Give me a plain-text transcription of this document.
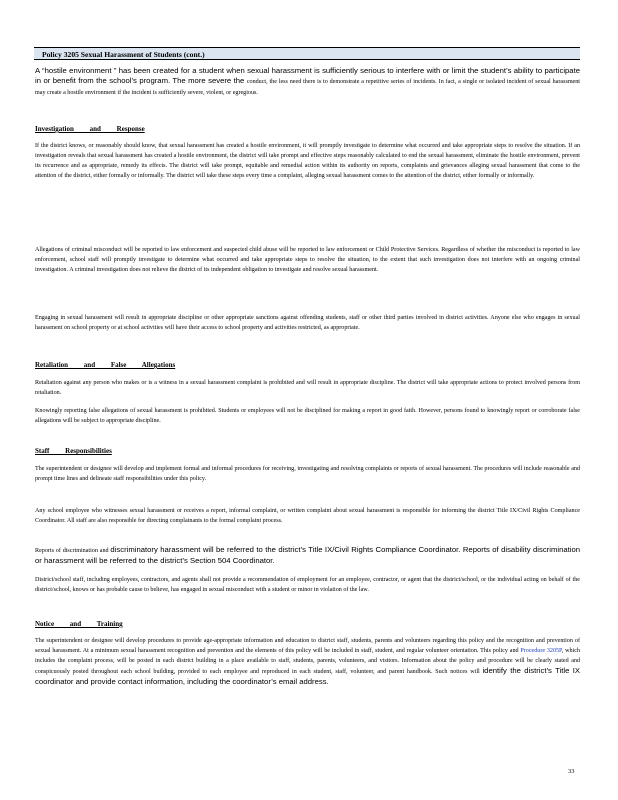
Policy 3205 Sexual Harassment of Students (cont.)
A “hostile environment ” has been created for a student when sexual harassment is sufficiently serious to interfere with or limit the student’s ability to participate in or benefit from the school’s program. The more severe the conduct, the less need there is to demonstrate a repetitive series of incidents. In fact, a single or isolated incident of sexual harassment may create a hostile environment if the incident is sufficiently severe, violent, or egregious.
Investigation and Response
If the district knows, or reasonably should know, that sexual harassment has created a hostile environment, it will promptly investigate to determine what occurred and take appropriate steps to resolve the situation. If an investigation reveals that sexual harassment has created a hostile environment, the district will take prompt and effective steps reasonably calculated to end the sexual harassment, eliminate the hostile environment, prevent its recurrence and as appropriate, remedy its effects. The district will take prompt, equitable and remedial action within its authority on reports, complaints and grievances alleging sexual harassment that come to the attention of the district, either formally or informally. The district will take these steps every time a complaint, alleging sexual harassment comes to the attention of the district, either formally or informally.
Allegations of criminal misconduct will be reported to law enforcement and suspected child abuse will be reported to law enforcement or Child Protective Services. Regardless of whether the misconduct is reported to law enforcement, school staff will promptly investigate to determine what occurred and take appropriate steps to resolve the situation, to the extent that such investigation does not interfere with an ongoing criminal investigation. A criminal investigation does not relieve the district of its independent obligation to investigate and resolve sexual harassment.
Engaging in sexual harassment will result in appropriate discipline or other appropriate sanctions against offending students, staff or other third parties involved in district activities. Anyone else who engages in sexual harassment on school property or at school activities will have their access to school property and activities restricted, as appropriate.
Retaliation and False Allegations
Retaliation against any person who makes or is a witness in a sexual harassment complaint is prohibited and will result in appropriate discipline. The district will take appropriate actions to protect involved persons from retaliation.
Knowingly reporting false allegations of sexual harassment is prohibited. Students or employees will not be disciplined for making a report in good faith. However, persons found to knowingly report or corroborate false allegations will be subject to appropriate discipline.
Staff Responsibilities
The superintendent or designee will develop and implement formal and informal procedures for receiving, investigating and resolving complaints or reports of sexual harassment. The procedures will include reasonable and prompt time lines and delineate staff responsibilities under this policy.
Any school employee who witnesses sexual harassment or receives a report, informal complaint, or written complaint about sexual harassment is responsible for informing the district Title IX/Civil Rights Compliance Coordinator. All staff are also responsible for directing complainants to the formal complaint process.
Reports of discrimination and discriminatory harassment will be referred to the district’s Title IX/Civil Rights Compliance Coordinator. Reports of disability discrimination or harassment will be referred to the district’s Section 504 Coordinator.
District/school staff, including employees, contractors, and agents shall not provide a recommendation of employment for an employee, contractor, or agent that the district/school, or the individual acting on behalf of the district/school, knows or has probable cause to believe, has engaged in sexual misconduct with a student or minor in violation of the law.
Notice and Training
The superintendent or designee will develop procedures to provide age-appropriate information and education to district staff, students, parents and volunteers regarding this policy and the recognition and prevention of sexual harassment. At a minimum sexual harassment recognition and prevention and the elements of this policy will be included in staff, student, and regular volunteer orientation. This policy and Procedure 3205P, which includes the complaint process, will be posted in each district building in a place available to staff, students, parents, volunteers, and visitors. Information about the policy and procedure will be clearly stated and conspicuously posted throughout each school building, provided to each employee and reproduced in each student, staff, volunteer, and parent handbook. Such notices will identify the district’s Title IX coordinator and provide contact information, including the coordinator’s email address.
33
